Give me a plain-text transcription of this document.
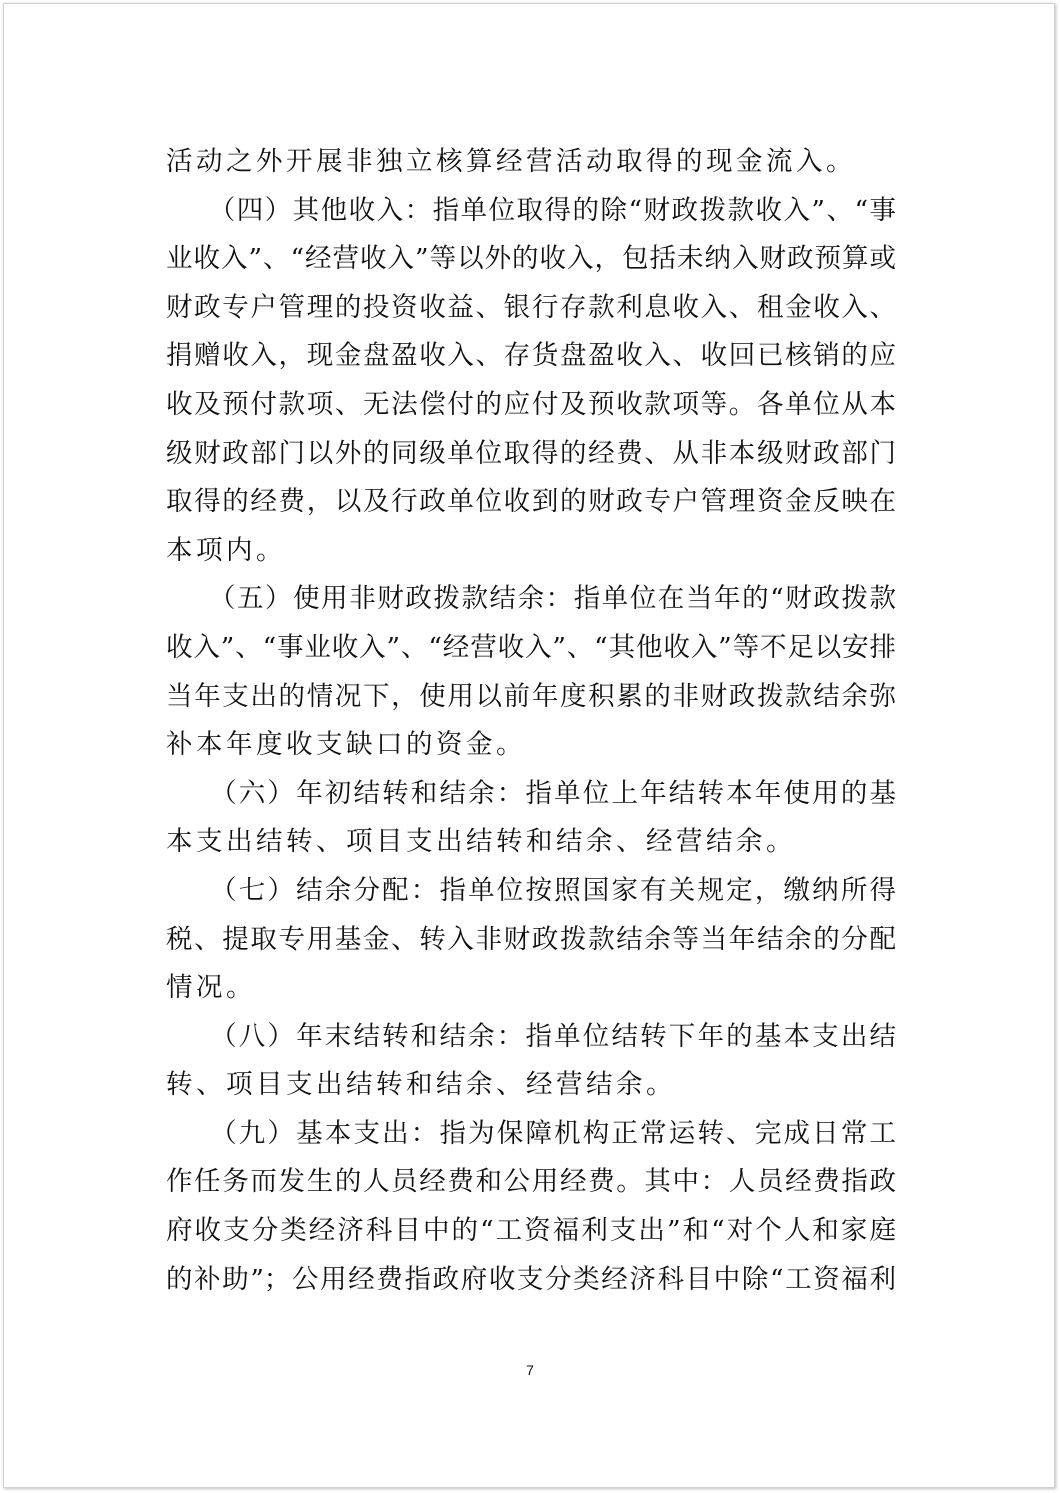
活动之外开展非独立核算经营活动取得的现金流入。
　　（四）其他收入：指单位取得的除“财政拨款收入”、“事
业收入”、“经营收入”等以外的收入，包括未纳入财政预算或
财政专户管理的投资收益、银行存款利息收入、租金收入、
捐赠收入，现金盘盈收入、存货盘盈收入、收回已核销的应
收及预付款项、无法偿付的应付及预收款项等。各单位从本
级财政部门以外的同级单位取得的经费、从非本级财政部门
取得的经费，以及行政单位收到的财政专户管理资金反映在
本项内。
　　（五）使用非财政拨款结余：指单位在当年的“财政拨款
收入”、“事业收入”、“经营收入”、“其他收入”等不足以安排
当年支出的情况下，使用以前年度积累的非财政拨款结余弥
补本年度收支缺口的资金。
　　（六）年初结转和结余：指单位上年结转本年使用的基
本支出结转、项目支出结转和结余、经营结余。
　　（七）结余分配：指单位按照国家有关规定，缴纳所得
税、提取专用基金、转入非财政拨款结余等当年结余的分配
情况。
　　（八）年末结转和结余：指单位结转下年的基本支出结
转、项目支出结转和结余、经营结余。
　　（九）基本支出：指为保障机构正常运转、完成日常工
作任务而发生的人员经费和公用经费。其中：人员经费指政
府收支分类经济科目中的“工资福利支出”和“对个人和家庭
的补助”；公用经费指政府收支分类经济科目中除“工资福利
7
